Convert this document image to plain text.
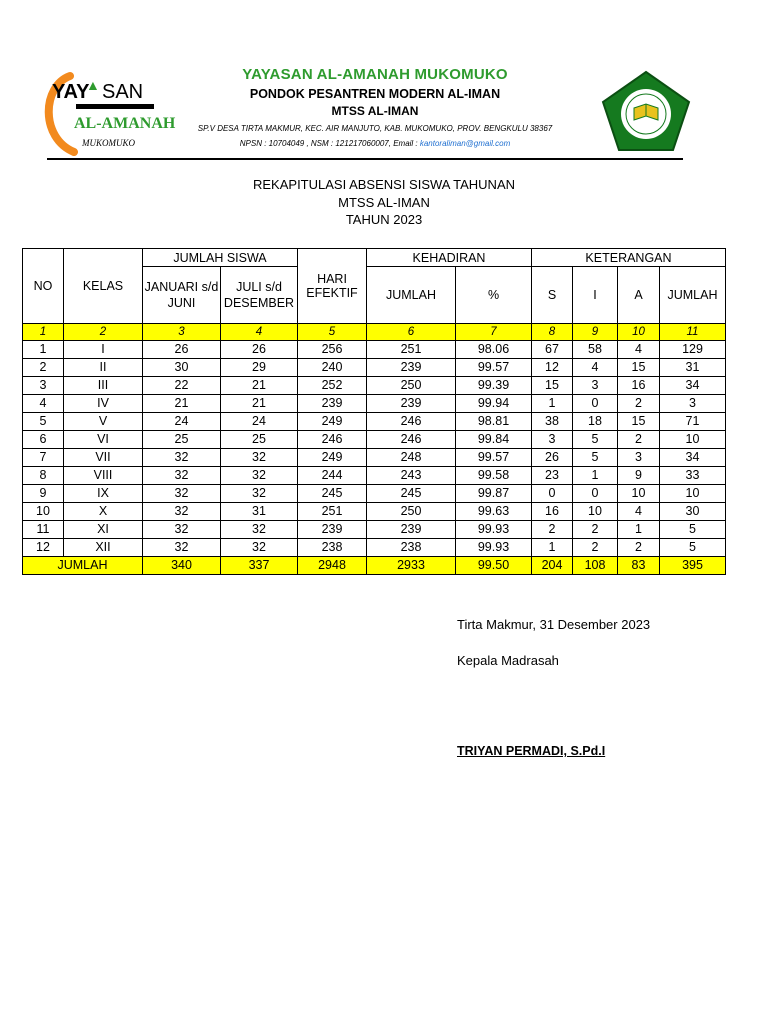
YAY
▲ SAN
AL-AMANAH
MUKOMUKO
YAYASAN AL-AMANAH MUKOMUKO
PONDOK PESANTREN MODERN AL-IMAN
MTSS AL-IMAN
SP.V DESA TIRTA MAKMUR, KEC. AIR MANJUTO, KAB. MUKOMUKO, PROV. BENGKULU 38367
NPSN : 10704049 , NSM : 121217060007, Email : kantoraliman@gmail.com
REKAPITULASI ABSENSI SISWA TAHUNAN
MTSS AL-IMAN
TAHUN 2023
NO	KELAS	JUMLAH SISWA		HARI EFEKTIF	KEHADIRAN		KETERANGAN			
		JANUARI s/d JUNI	JULI s/d DESEMBER		JUMLAH	%	S	I	A	JUMLAH
1	2	3	4	5	6	7	8	9	10	11
1	I	26	26	256	251	98.06	67	58	4	129
2	II	30	29	240	239	99.57	12	4	15	31
3	III	22	21	252	250	99.39	15	3	16	34
4	IV	21	21	239	239	99.94	1	0	2	3
5	V	24	24	249	246	98.81	38	18	15	71
6	VI	25	25	246	246	99.84	3	5	2	10
7	VII	32	32	249	248	99.57	26	5	3	34
8	VIII	32	32	244	243	99.58	23	1	9	33
9	IX	32	32	245	245	99.87	0	0	10	10
10	X	32	31	251	250	99.63	16	10	4	30
11	XI	32	32	239	239	99.93	2	2	1	5
12	XII	32	32	238	238	99.93	1	2	2	5
JUMLAH		340	337	2948	2933	99.50	204	108	83	395
Tirta Makmur, 31 Desember 2023
Kepala Madrasah
TRIYAN PERMADI, S.Pd.I
